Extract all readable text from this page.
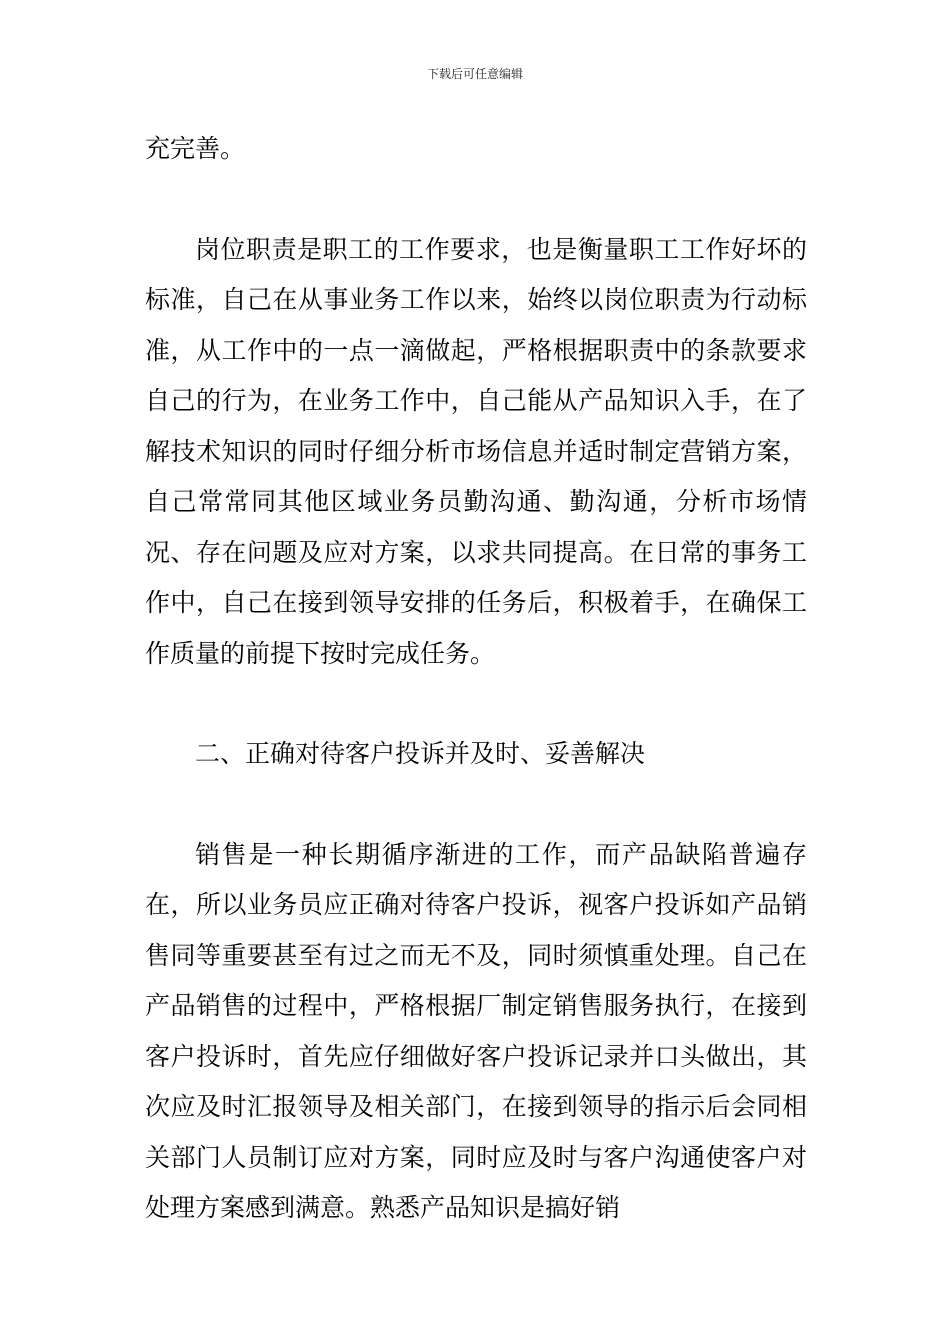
下载后可任意编辑

充完善。

岗位职责是职工的工作要求，也是衡量职工工作好坏的标准，自己在从事业务工作以来，始终以岗位职责为行动标准，从工作中的一点一滴做起，严格根据职责中的条款要求自己的行为，在业务工作中，自己能从产品知识入手，在了解技术知识的同时仔细分析市场信息并适时制定营销方案，自己常常同其他区域业务员勤沟通、勤沟通，分析市场情况、存在问题及应对方案，以求共同提高。在日常的事务工作中，自己在接到领导安排的任务后，积极着手，在确保工作质量的前提下按时完成任务。

二、正确对待客户投诉并及时、妥善解决

销售是一种长期循序渐进的工作，而产品缺陷普遍存在，所以业务员应正确对待客户投诉，视客户投诉如产品销售同等重要甚至有过之而无不及，同时须慎重处理。自己在产品销售的过程中，严格根据厂制定销售服务执行，在接到客户投诉时，首先应仔细做好客户投诉记录并口头做出，其次应及时汇报领导及相关部门，在接到领导的指示后会同相关部门人员制订应对方案，同时应及时与客户沟通使客户对处理方案感到满意。熟悉产品知识是搞好销
